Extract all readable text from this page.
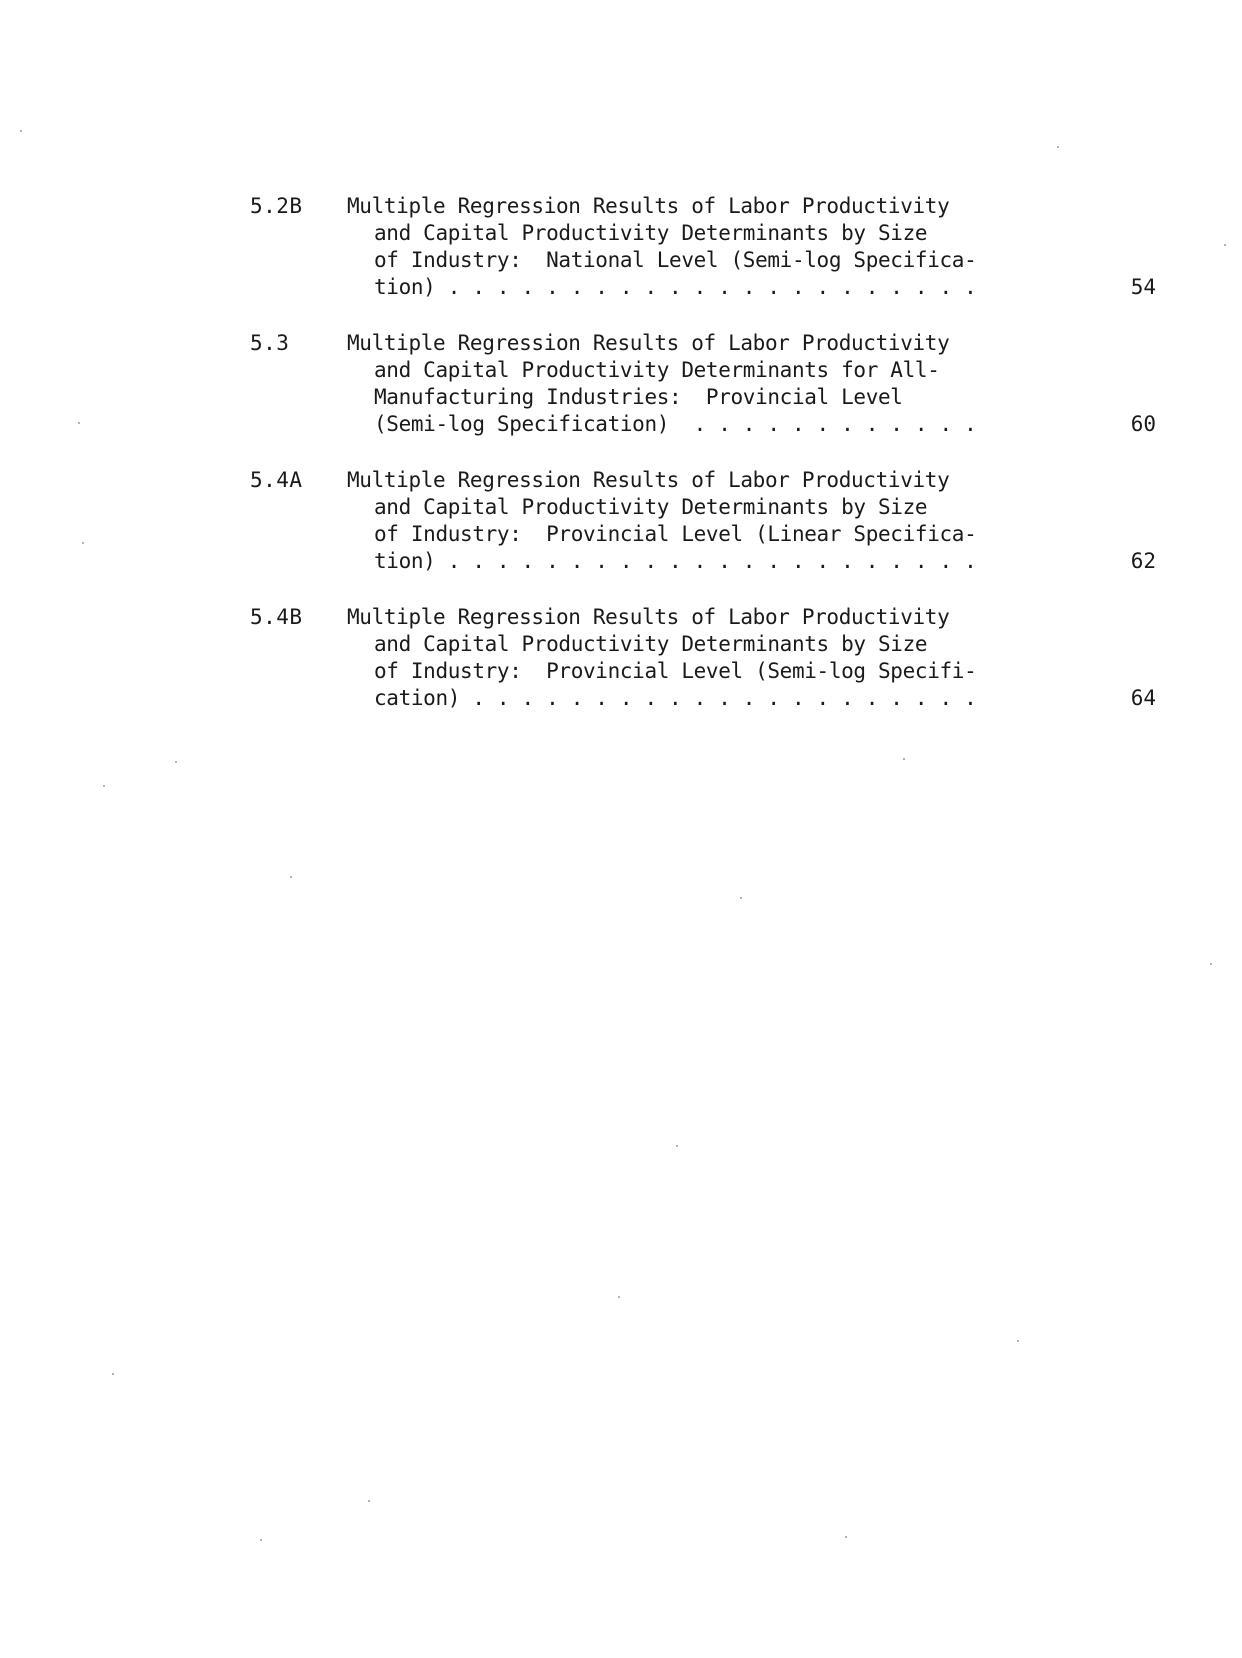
5.2B Multiple Regression Results of Labor Productivity
and Capital Productivity Determinants by Size
of Industry:  National Level (Semi-log Specifica-
tion) . . . . . . . . . . . . . . . . . . . . . .	54
5.3	Multiple Regression Results of Labor Productivity
and Capital Productivity Determinants for All-
Manufacturing Industries:  Provincial Level
(Semi-log Specification)  . . . . . . . . . . . .	60
5.4A Multiple Regression Results of Labor Productivity
and Capital Productivity Determinants by Size
of Industry:  Provincial Level (Linear Specifica-
tion) . . . . . . . . . . . . . . . . . . . . . .	62
5.4B Multiple Regression Results of Labor Productivity
and Capital Productivity Determinants by Size
of Industry:  Provincial Level (Semi-log Specifi-
cation) . . . . . . . . . . . . . . . . . . . . .	64
